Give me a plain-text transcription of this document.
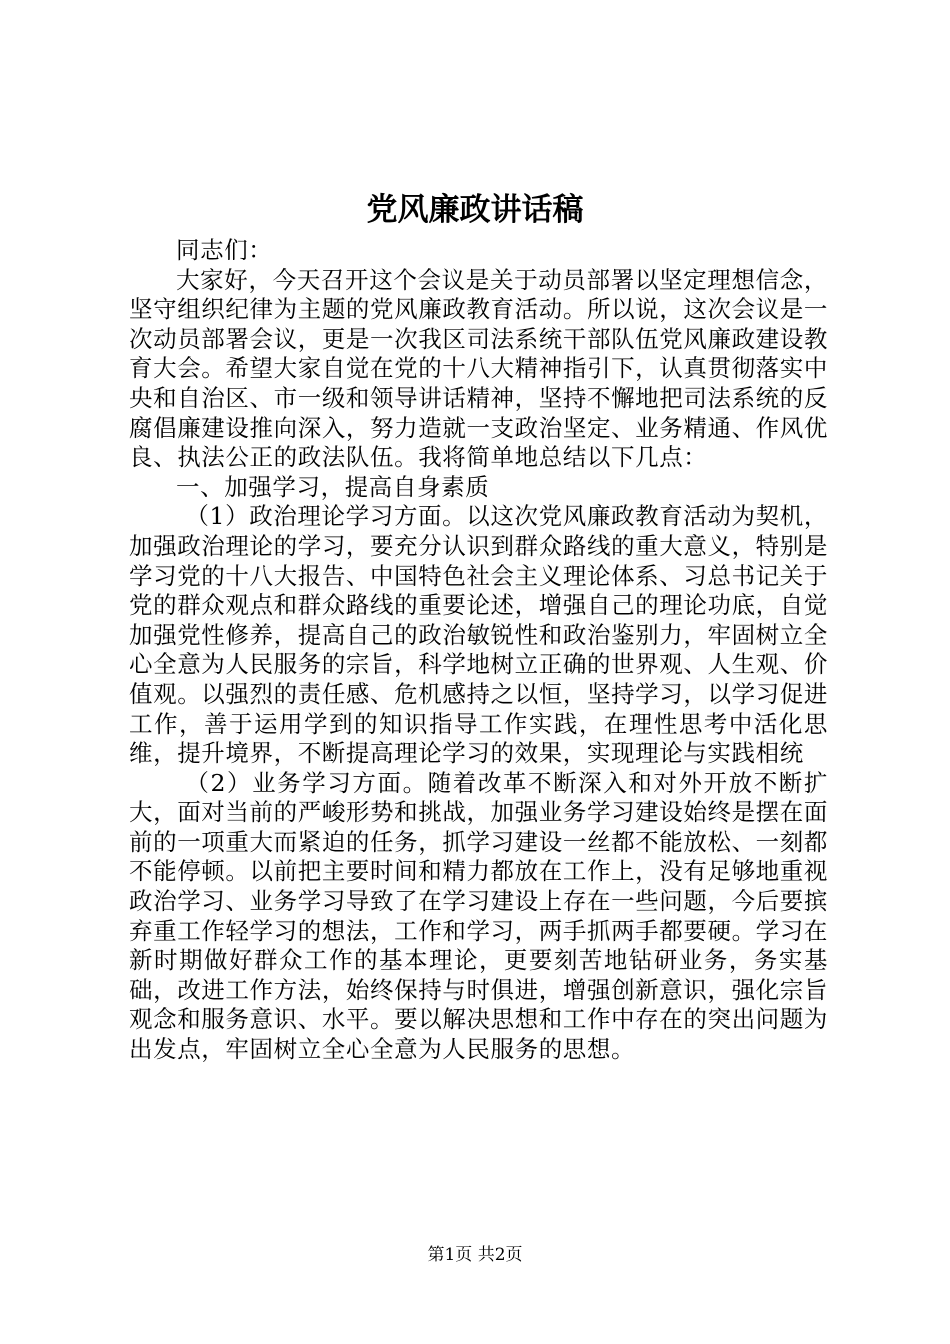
党风廉政讲话稿

同志们：

大家好，今天召开这个会议是关于动员部署以坚定理想信念，坚守组织纪律为主题的党风廉政教育活动。所以说，这次会议是一次动员部署会议，更是一次我区司法系统干部队伍党风廉政建设教育大会。希望大家自觉在党的十八大精神指引下，认真贯彻落实中央和自治区、市一级和领导讲话精神，坚持不懈地把司法系统的反腐倡廉建设推向深入，努力造就一支政治坚定、业务精通、作风优良、执法公正的政法队伍。我将简单地总结以下几点：

一、加强学习，提高自身素质

（1）政治理论学习方面。以这次党风廉政教育活动为契机，加强政治理论的学习，要充分认识到群众路线的重大意义，特别是学习党的十八大报告、中国特色社会主义理论体系、习总书记关于党的群众观点和群众路线的重要论述，增强自己的理论功底，自觉加强党性修养，提高自己的政治敏锐性和政治鉴别力，牢固树立全心全意为人民服务的宗旨，科学地树立正确的世界观、人生观、价值观。以强烈的责任感、危机感持之以恒，坚持学习，以学习促进工作，善于运用学到的知识指导工作实践，在理性思考中活化思维，提升境界，不断提高理论学习的效果，实现理论与实践相统

（2）业务学习方面。随着改革不断深入和对外开放不断扩大，面对当前的严峻形势和挑战，加强业务学习建设始终是摆在面前的一项重大而紧迫的任务，抓学习建设一丝都不能放松、一刻都不能停顿。以前把主要时间和精力都放在工作上，没有足够地重视政治学习、业务学习导致了在学习建设上存在一些问题，今后要摈弃重工作轻学习的想法，工作和学习，两手抓两手都要硬。学习在新时期做好群众工作的基本理论，更要刻苦地钻研业务，务实基础，改进工作方法，始终保持与时俱进，增强创新意识，强化宗旨观念和服务意识、水平。要以解决思想和工作中存在的突出问题为出发点，牢固树立全心全意为人民服务的思想。

第1页 共2页
